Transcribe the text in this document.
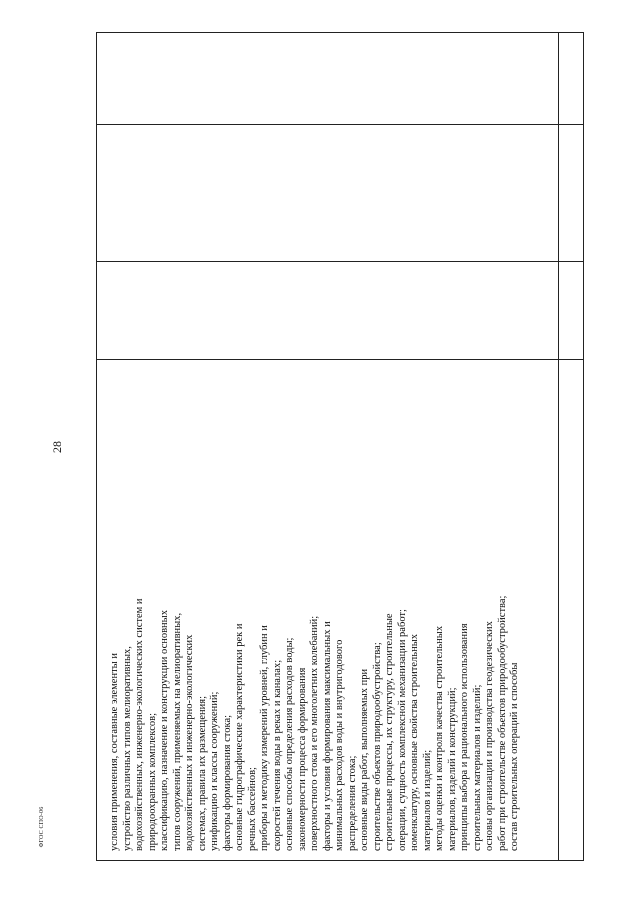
28
условия применения, составные элементы и устройство различных типов мелиоративных, водохозяйственных, инженерно-экологических систем и природоохранных комплексов; классификацию, назначение и конструкции основных типов сооружений, применяемых на мелиоративных, водохозяйственных и инженерно-экологических системах, правила их размещения; унификацию и классы сооружений; факторы формирования стока; основные гидрографические характеристики рек и речных бассейнов; приборы и методику измерений уровней, глубин и скоростей течения воды в реках и каналах; основные способы определения расходов воды; закономерности процесса формирования поверхностного стока и его многолетних колебаний; факторы и условия формирования максимальных и минимальных расходов воды и внутригодового распределения стока; основные виды работ, выполняемых при строительстве объектов природообустройства; строительные процессы, их структуру, строительные операции, сущность комплексной механизации работ; номенклатуру, основные свойства строительных материалов и изделий; методы оценки и контроля качества строительных материалов, изделий и конструкций; принципы выбора и рационального использования строительных материалов и изделий; основы организации и производства геодезических работ при строительстве объектов природообустройства; состав строительных операций и способы
ФГОС СПО-06
